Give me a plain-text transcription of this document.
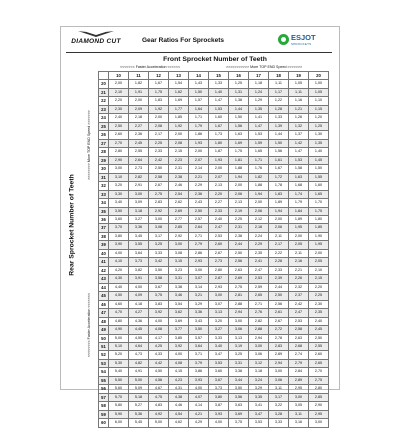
DIAMOND CUT	Gear Ratios For Sprockets	ESJOT
SPROCKETS
Front Sprocket Number of Teeth
Rear Sprocket Number of Teeth
>>>>>>>> More TOP END Speed >>>>>>>
<<<<<<<< Faster Acceleration <<<<<<<
<<<<<<< Faster Acceleration <<<<<<	>>>>>>>>>>> More TOP END Speed >>>>>>>
	10	11	12	13	14	15	16	17	18	19	20
20	2,00	1,82	1,67	1,54	1,43	1,33	1,25	1,18	1,11	1,05	1,00
21	2,10	1,91	1,75	1,62	1,50	1,40	1,31	1,24	1,17	1,11	1,05
22	2,20	2,00	1,83	1,69	1,57	1,47	1,38	1,29	1,22	1,16	1,10
23	2,30	2,09	1,92	1,77	1,64	1,53	1,44	1,35	1,28	1,21	1,15
24	2,40	2,18	2,00	1,85	1,71	1,60	1,50	1,41	1,33	1,26	1,20
25	2,50	2,27	2,08	1,92	1,79	1,67	1,56	1,47	1,39	1,32	1,25
26	2,60	2,36	2,17	2,00	1,86	1,73	1,63	1,53	1,44	1,37	1,30
27	2,70	2,45	2,25	2,08	1,93	1,80	1,69	1,59	1,50	1,42	1,35
28	2,80	2,55	2,33	2,15	2,00	1,87	1,75	1,65	1,56	1,47	1,40
29	2,90	2,64	2,42	2,23	2,07	1,93	1,81	1,71	1,61	1,53	1,45
30	3,00	2,73	2,50	2,31	2,14	2,00	1,88	1,76	1,67	1,58	1,50
31	3,10	2,82	2,58	2,38	2,21	2,07	1,94	1,82	1,72	1,63	1,55
32	3,20	2,91	2,67	2,46	2,29	2,13	2,00	1,88	1,78	1,68	1,60
33	3,30	3,00	2,75	2,54	2,36	2,20	2,06	1,94	1,83	1,74	1,65
34	3,40	3,09	2,83	2,62	2,43	2,27	2,13	2,00	1,89	1,79	1,70
35	3,50	3,18	2,92	2,69	2,50	2,33	2,19	2,06	1,94	1,84	1,75
36	3,60	3,27	3,00	2,77	2,57	2,40	2,25	2,12	2,00	1,89	1,80
37	3,70	3,36	3,08	2,85	2,64	2,47	2,31	2,18	2,06	1,95	1,85
38	3,80	3,45	3,17	2,92	2,71	2,53	2,38	2,24	2,11	2,00	1,90
39	3,90	3,55	3,25	3,00	2,79	2,60	2,44	2,29	2,17	2,05	1,95
40	4,00	3,64	3,33	3,08	2,86	2,67	2,50	2,35	2,22	2,11	2,00
41	4,10	3,73	3,42	3,15	2,93	2,73	2,56	2,41	2,28	2,16	2,05
42	4,20	3,82	3,50	3,23	3,00	2,80	2,63	2,47	2,33	2,21	2,10
43	4,30	3,91	3,58	3,31	3,07	2,87	2,69	2,53	2,39	2,26	2,15
44	4,40	4,00	3,67	3,38	3,14	2,93	2,75	2,59	2,44	2,32	2,20
45	4,50	4,09	3,75	3,46	3,21	3,00	2,81	2,65	2,50	2,37	2,25
46	4,60	4,18	3,83	3,54	3,29	3,07	2,88	2,71	2,56	2,42	2,30
47	4,70	4,27	3,92	3,62	3,36	3,13	2,94	2,76	2,61	2,47	2,35
48	4,80	4,36	4,00	3,69	3,43	3,20	3,00	2,82	2,67	2,53	2,40
49	4,90	4,45	4,08	3,77	3,50	3,27	3,06	2,88	2,72	2,58	2,45
50	5,00	4,55	4,17	3,85	3,57	3,33	3,13	2,94	2,78	2,63	2,50
51	5,10	4,64	4,25	3,92	3,64	3,40	3,19	3,00	2,83	2,68	2,55
52	5,20	4,73	4,33	4,00	3,71	3,47	3,25	3,06	2,89	2,74	2,60
53	5,30	4,82	4,42	4,08	3,79	3,53	3,31	3,12	2,94	2,79	2,65
54	5,40	4,91	4,50	4,15	3,86	3,60	3,38	3,18	3,00	2,84	2,70
55	5,50	5,00	4,58	4,23	3,93	3,67	3,44	3,24	3,06	2,89	2,75
56	5,60	5,09	4,67	4,31	4,00	3,73	3,50	3,29	3,11	2,95	2,80
57	5,70	5,18	4,75	4,38	4,07	3,80	3,56	3,35	3,17	3,00	2,85
58	5,80	5,27	4,83	4,46	4,14	3,87	3,63	3,41	3,22	3,05	2,90
59	5,90	5,36	4,92	4,54	4,21	3,93	3,69	3,47	3,28	3,11	2,95
60	6,00	5,45	5,00	4,62	4,29	4,00	3,75	3,53	3,33	3,16	3,00
